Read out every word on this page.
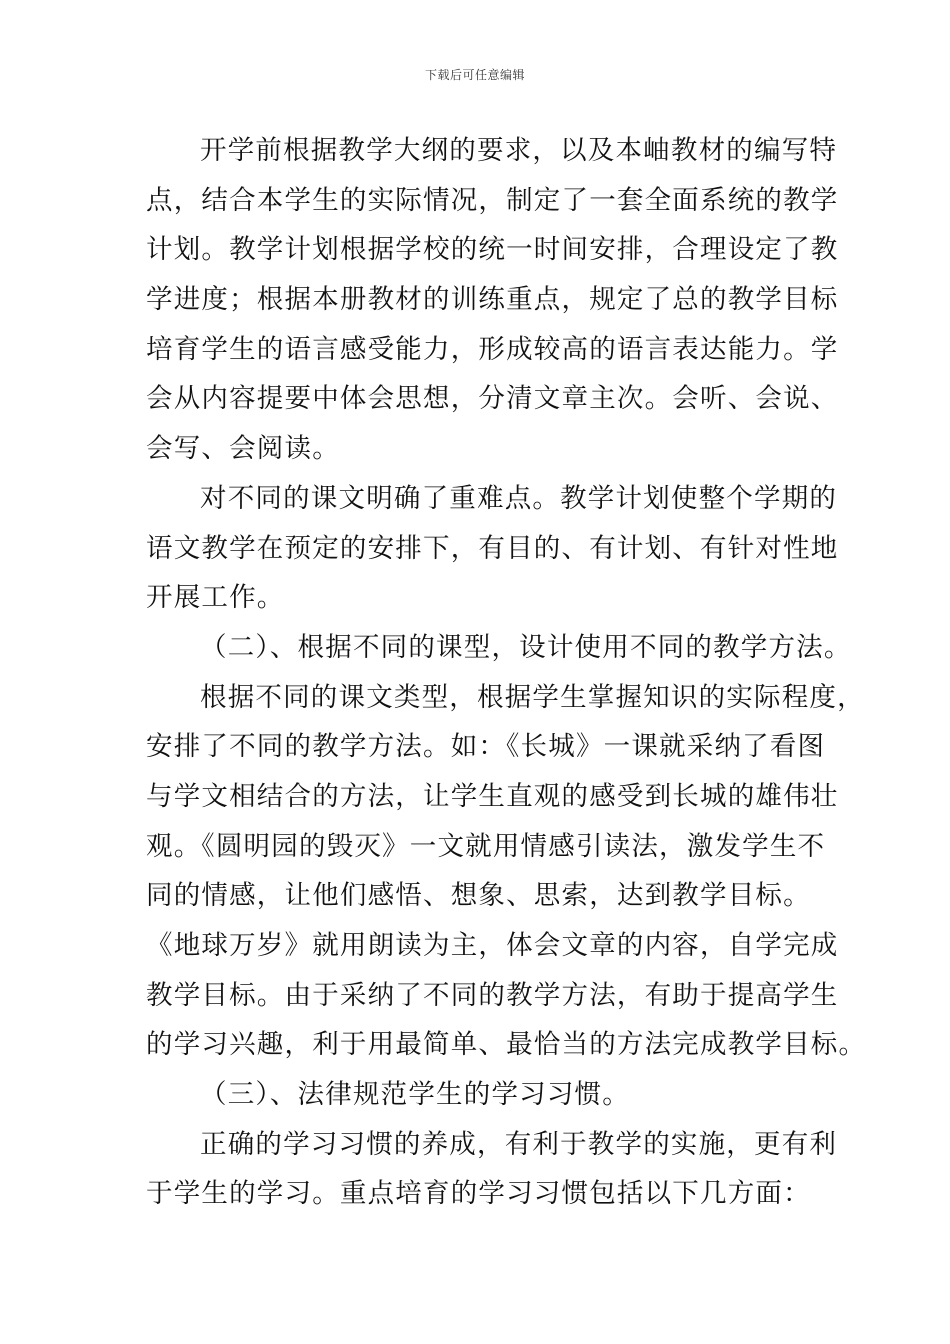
下载后可任意编辑
开学前根据教学大纲的要求，以及本岫教材的编写特
点，结合本学生的实际情况，制定了一套全面系统的教学
计划。教学计划根据学校的统一时间安排，合理设定了教
学进度；根据本册教材的训练重点，规定了总的教学目标
培育学生的语言感受能力，形成较高的语言表达能力。学
会从内容提要中体会思想，分清文章主次。会听、会说、
会写、会阅读。
对不同的课文明确了重难点。教学计划使整个学期的
语文教学在预定的安排下，有目的、有计划、有针对性地
开展工作。
（二）、根据不同的课型，设计使用不同的教学方法。
根据不同的课文类型，根据学生掌握知识的实际程度，
安排了不同的教学方法。如：《长城》一课就采纳了看图
与学文相结合的方法，让学生直观的感受到长城的雄伟壮
观。《圆明园的毁灭》一文就用情感引读法，激发学生不
同的情感，让他们感悟、想象、思索，达到教学目标。
《地球万岁》就用朗读为主，体会文章的内容，自学完成
教学目标。由于采纳了不同的教学方法，有助于提高学生
的学习兴趣，利于用最简单、最恰当的方法完成教学目标。
（三）、法律规范学生的学习习惯。
正确的学习习惯的养成，有利于教学的实施，更有利
于学生的学习。重点培育的学习习惯包括以下几方面：
